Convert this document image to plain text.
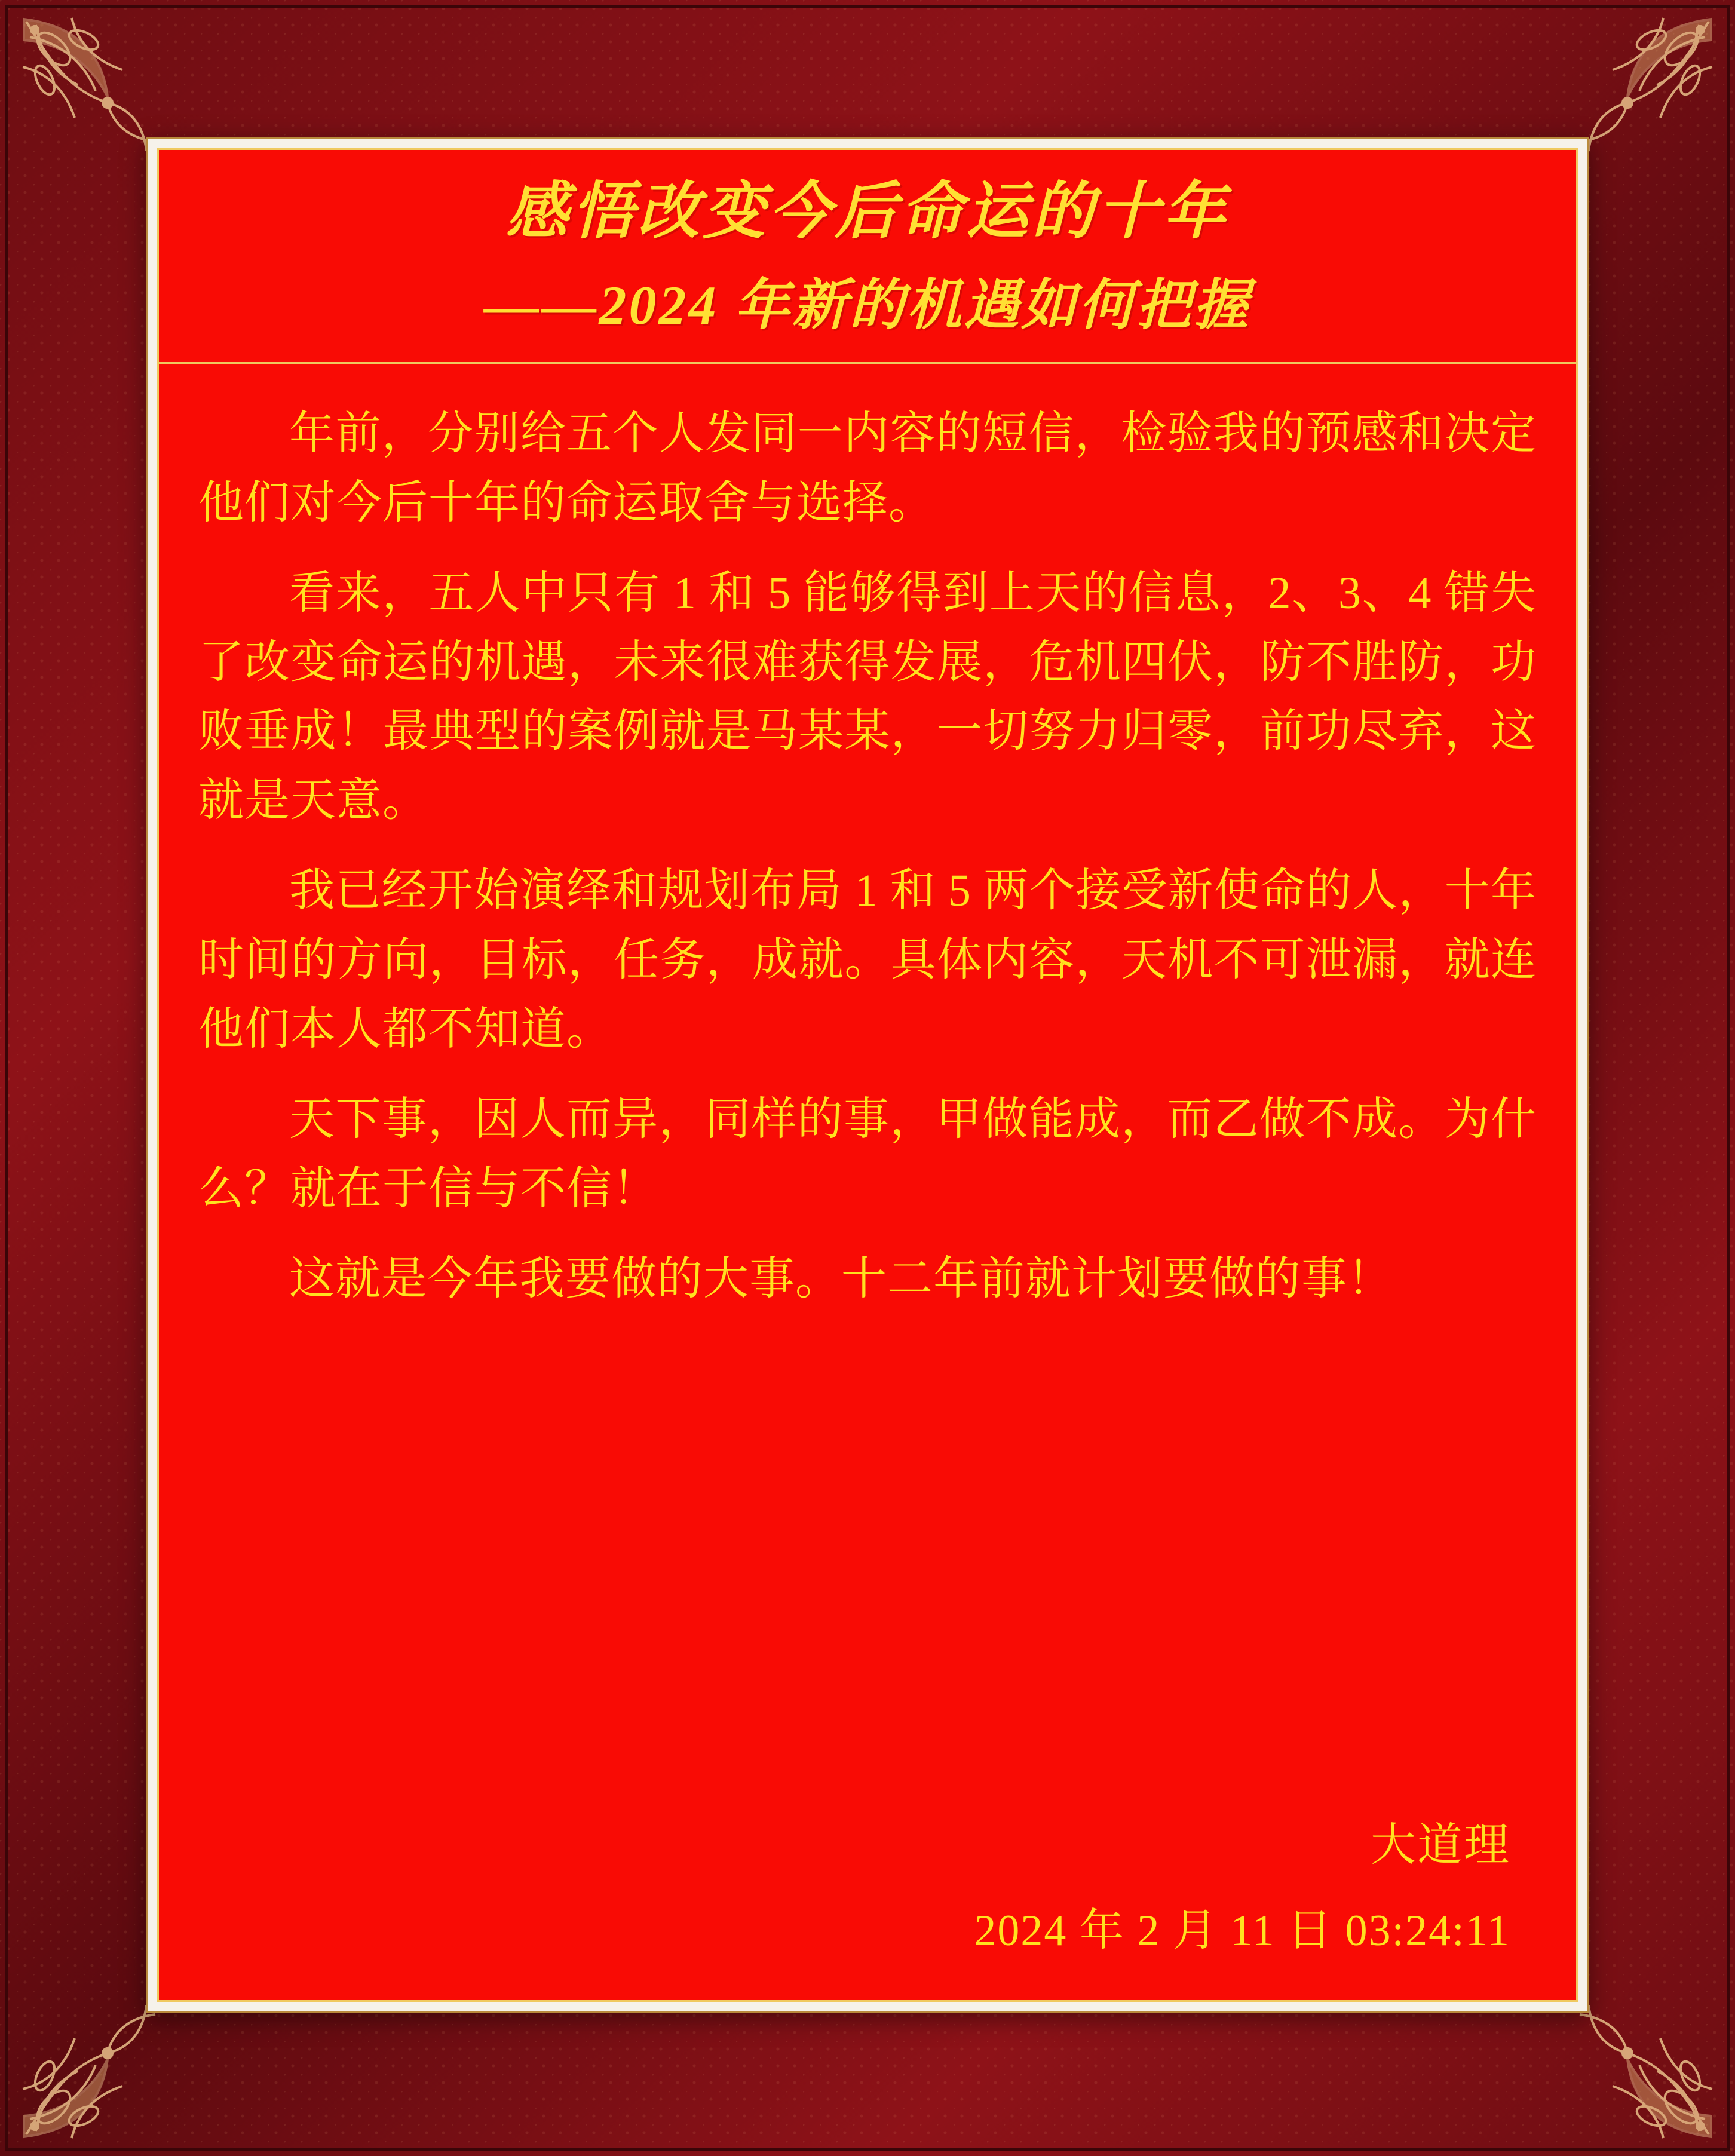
感悟改变今后命运的十年
——2024 年新的机遇如何把握

年前，分别给五个人发同一内容的短信，检验我的预感和决定他们对今后十年的命运取舍与选择。

看来，五人中只有 1 和 5 能够得到上天的信息，2、3、4 错失了改变命运的机遇，未来很难获得发展，危机四伏，防不胜防，功败垂成！最典型的案例就是马某某，一切努力归零，前功尽弃，这就是天意。

我已经开始演绎和规划布局 1 和 5 两个接受新使命的人，十年时间的方向，目标，任务，成就。具体内容，天机不可泄漏，就连他们本人都不知道。

天下事，因人而异，同样的事，甲做能成，而乙做不成。为什么？就在于信与不信！

这就是今年我要做的大事。十二年前就计划要做的事！

大道理
2024 年 2 月 11 日 03:24:11
